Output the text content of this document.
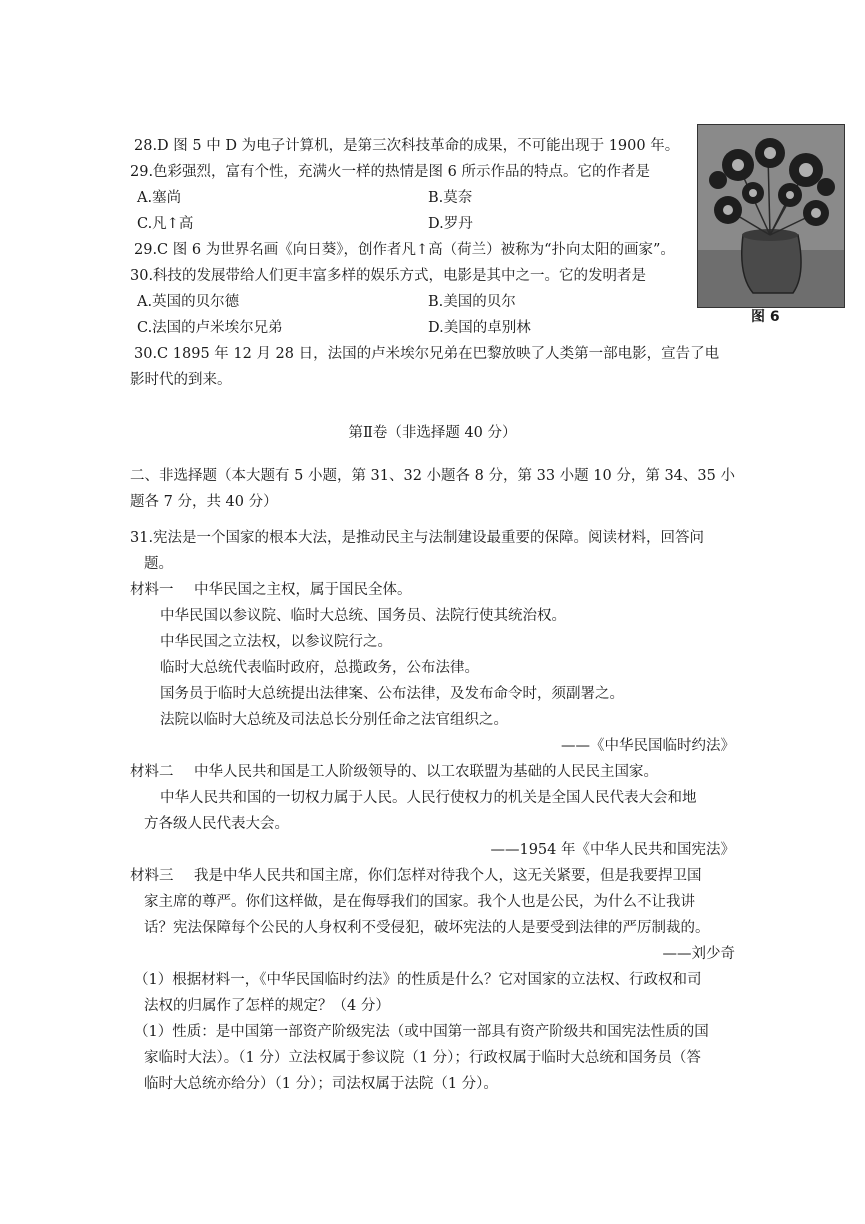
28.D 图 5 中 D 为电子计算机，是第三次科技革命的成果，不可能出现于 1900 年。
29.色彩强烈，富有个性，充满火一样的热情是图 6 所示作品的特点。它的作者是
A.塞尚	B.莫奈
C.凡↑高	D.罗丹
29.C 图 6 为世界名画《向日葵》，创作者凡↑高（荷兰）被称为“扑向太阳的画家”。
30.科技的发展带给人们更丰富多样的娱乐方式，电影是其中之一。它的发明者是
A.英国的贝尔德	B.美国的贝尔
C.法国的卢米埃尔兄弟	D.美国的卓别林
30.C 1895 年 12 月 28 日，法国的卢米埃尔兄弟在巴黎放映了人类第一部电影，宣告了电
影时代的到来。
图 6
第Ⅱ卷（非选择题 40 分）
二、非选择题（本大题有 5 小题，第 31、32 小题各 8 分，第 33 小题 10 分，第 34、35 小
题各 7 分，共 40 分）
31.宪法是一个国家的根本大法，是推动民主与法制建设最重要的保障。阅读材料，回答问
题。
材料一 中华民国之主权，属于国民全体。
中华民国以参议院、临时大总统、国务员、法院行使其统治权。
中华民国之立法权，以参议院行之。
临时大总统代表临时政府，总揽政务，公布法律。
国务员于临时大总统提出法律案、公布法律，及发布命令时，须副署之。
法院以临时大总统及司法总长分别任命之法官组织之。
——《中华民国临时约法》
材料二 中华人民共和国是工人阶级领导的、以工农联盟为基础的人民民主国家。
中华人民共和国的一切权力属于人民。人民行使权力的机关是全国人民代表大会和地
方各级人民代表大会。
——1954 年《中华人民共和国宪法》
材料三 我是中华人民共和国主席，你们怎样对待我个人，这无关紧要，但是我要捍卫国
家主席的尊严。你们这样做，是在侮辱我们的国家。我个人也是公民，为什么不让我讲
话？宪法保障每个公民的人身权利不受侵犯，破坏宪法的人是要受到法律的严厉制裁的。
——刘少奇
（1）根据材料一，《中华民国临时约法》的性质是什么？它对国家的立法权、行政权和司
法权的归属作了怎样的规定？（4 分）
（1）性质：是中国第一部资产阶级宪法（或中国第一部具有资产阶级共和国宪法性质的国
家临时大法）。（1 分）立法权属于参议院（1 分）；行政权属于临时大总统和国务员（答
临时大总统亦给分）（1 分）；司法权属于法院（1 分）。
